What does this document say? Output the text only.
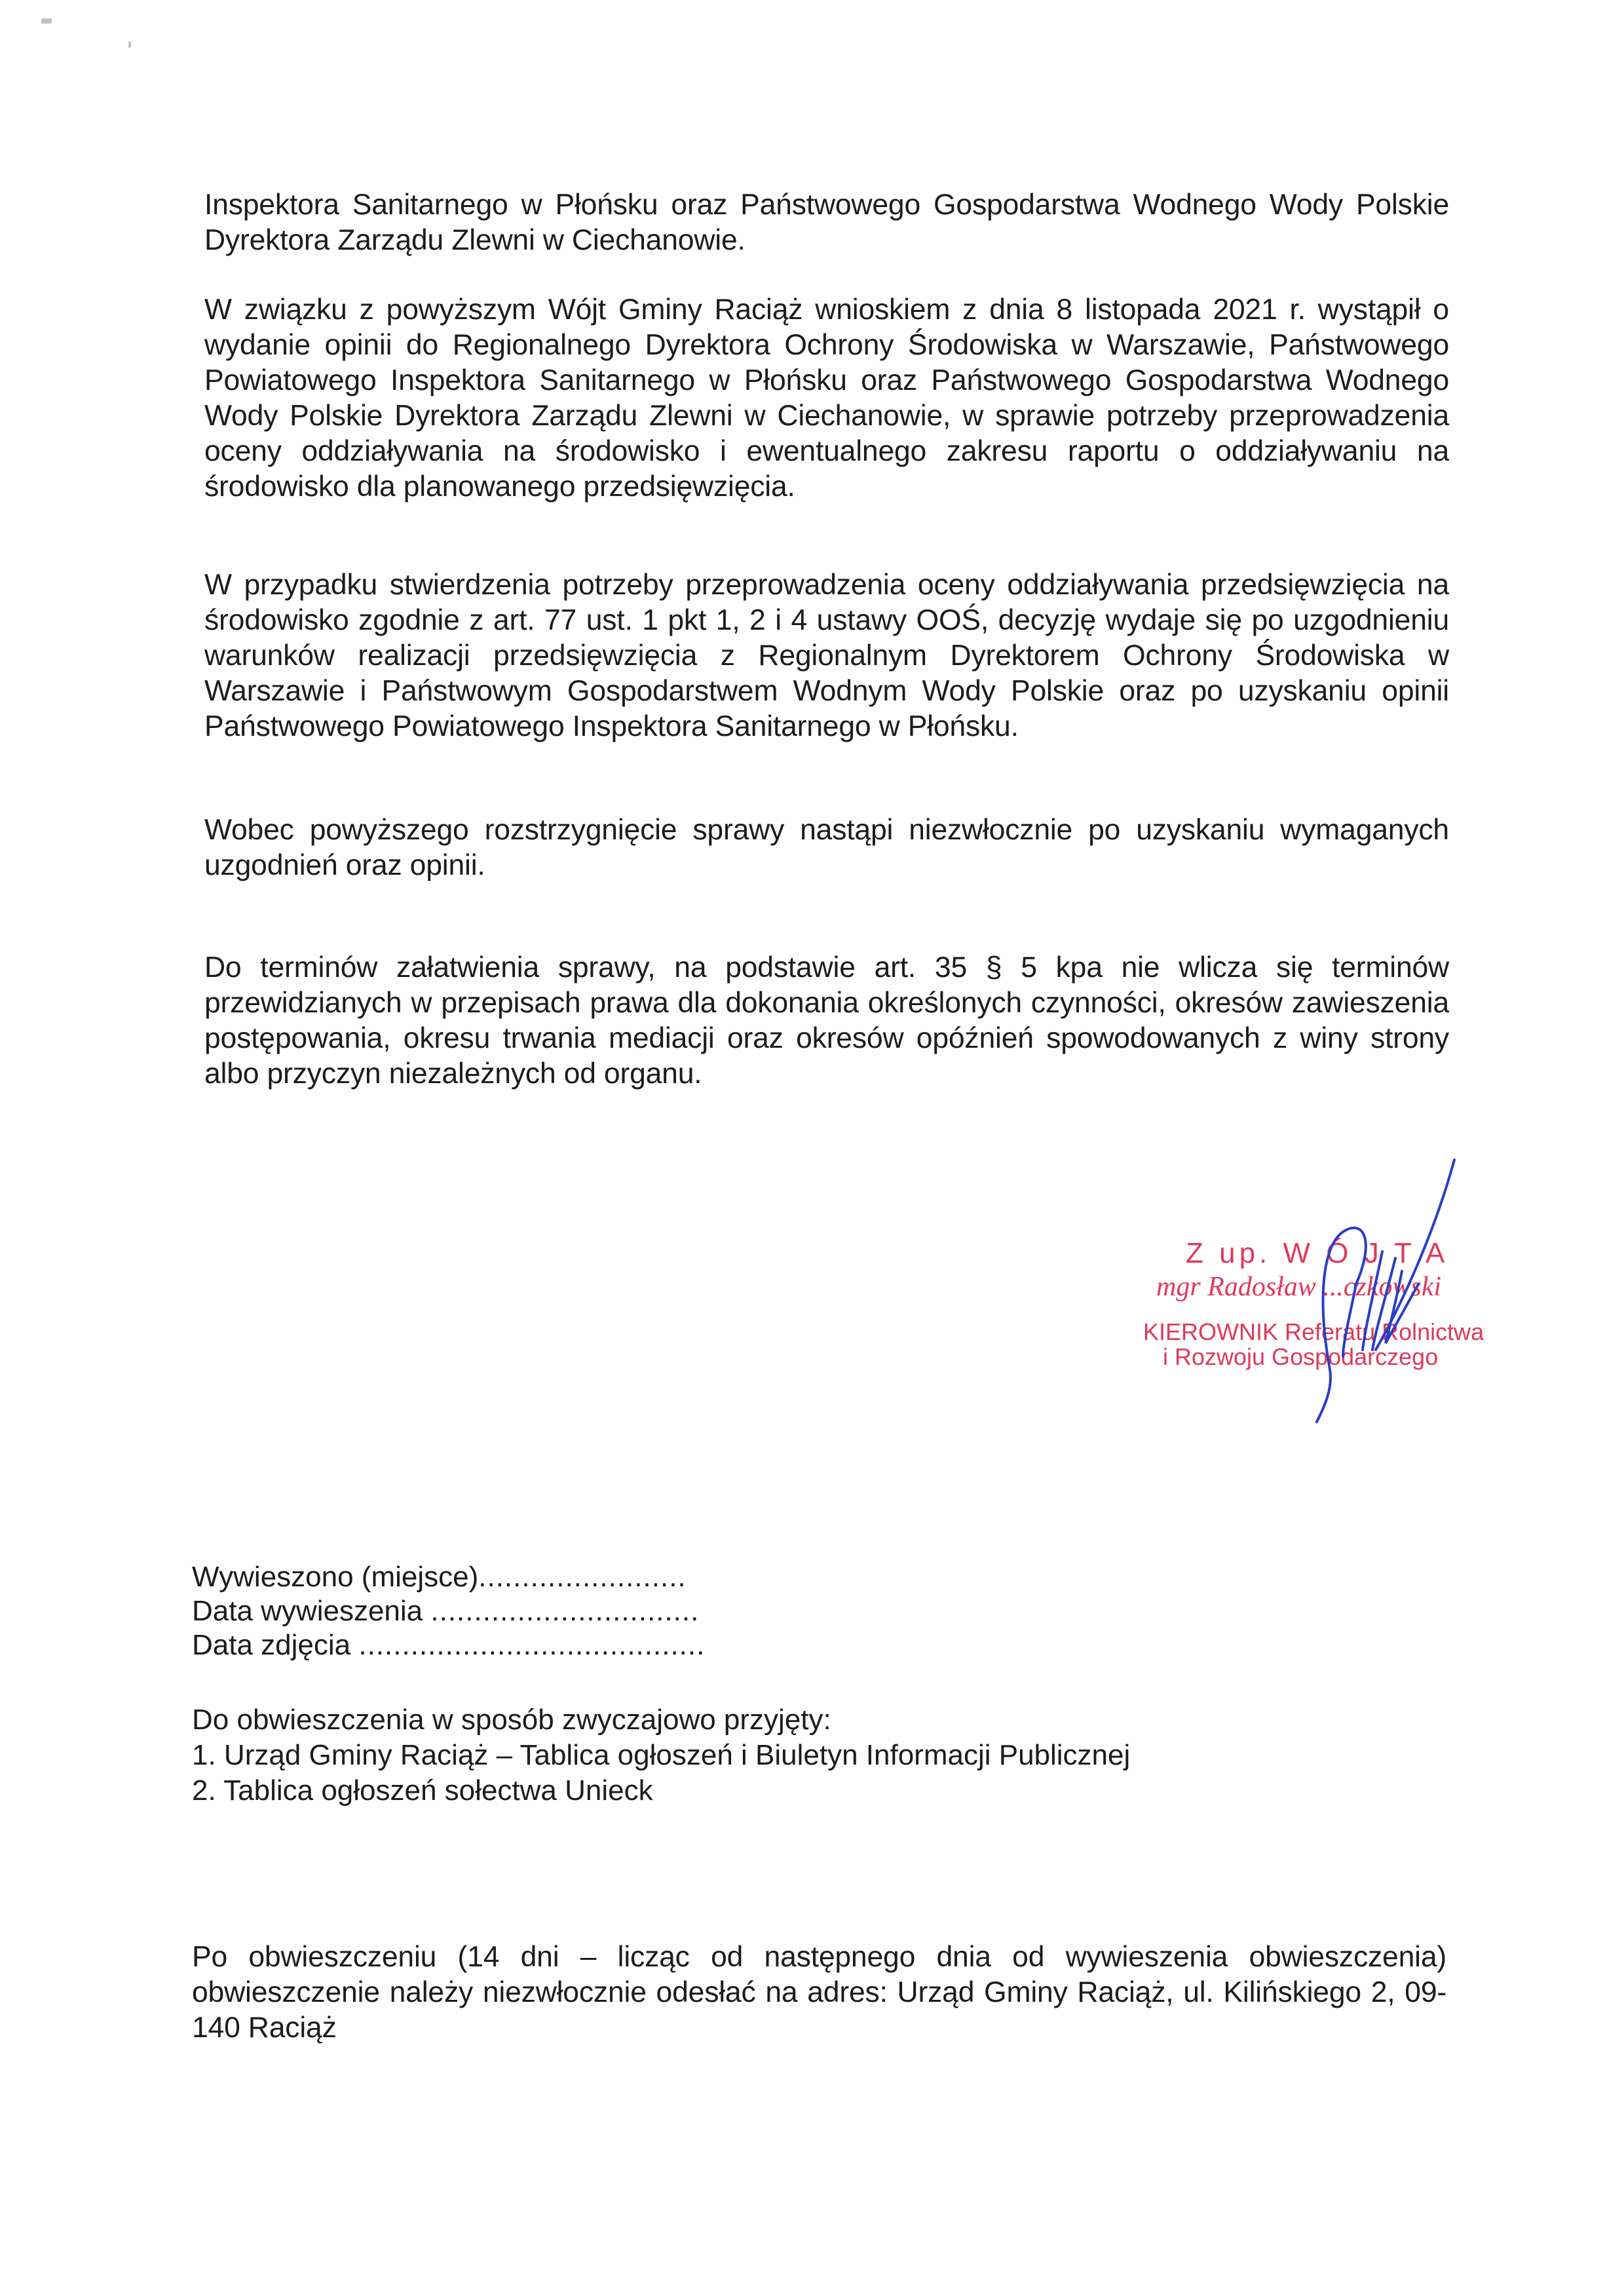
Inspektora Sanitarnego w Płońsku oraz Państwowego Gospodarstwa Wodnego Wody Polskie Dyrektora Zarządu Zlewni w Ciechanowie.

W związku z powyższym Wójt Gminy Raciąż wnioskiem z dnia 8 listopada 2021 r. wystąpił o wydanie opinii do Regionalnego Dyrektora Ochrony Środowiska w Warszawie, Państwowego Powiatowego Inspektora Sanitarnego w Płońsku oraz Państwowego Gospodarstwa Wodnego Wody Polskie Dyrektora Zarządu Zlewni w Ciechanowie, w sprawie potrzeby przeprowadzenia oceny oddziaływania na środowisko i ewentualnego zakresu raportu o oddziaływaniu na środowisko dla planowanego przedsięwzięcia.

W przypadku stwierdzenia potrzeby przeprowadzenia oceny oddziaływania przedsięwzięcia na środowisko zgodnie z art. 77 ust. 1 pkt 1, 2 i 4 ustawy OOŚ, decyzję wydaje się po uzgodnieniu warunków realizacji przedsięwzięcia z Regionalnym Dyrektorem Ochrony Środowiska w Warszawie i Państwowym Gospodarstwem Wodnym Wody Polskie oraz po uzyskaniu opinii Państwowego Powiatowego Inspektora Sanitarnego w Płońsku.

Wobec powyższego rozstrzygnięcie sprawy nastąpi niezwłocznie po uzyskaniu wymaganych uzgodnień oraz opinii.

Do terminów załatwienia sprawy, na podstawie art. 35 § 5 kpa nie wlicza się terminów przewidzianych w przepisach prawa dla dokonania określonych czynności, okresów zawieszenia postępowania, okresu trwania mediacji oraz okresów opóźnień spowodowanych z winy strony albo przyczyn niezależnych od organu.

Z up. W Ó J T A
mgr Radosław ...czkowski
KIEROWNIK Referatu Rolnictwa
i Rozwoju Gospodarczego
Wywieszono (miejsce)........................
Data wywieszenia ...............................
Data zdjęcia ........................................
Do obwieszczenia w sposób zwyczajowo przyjęty:
1. Urząd Gminy Raciąż – Tablica ogłoszeń i Biuletyn Informacji Publicznej
2. Tablica ogłoszeń sołectwa Unieck

Po obwieszczeniu (14 dni – licząc od następnego dnia od wywieszenia obwieszczenia) obwieszczenie należy niezwłocznie odesłać na adres: Urząd Gminy Raciąż, ul. Kilińskiego 2, 09-140 Raciąż
